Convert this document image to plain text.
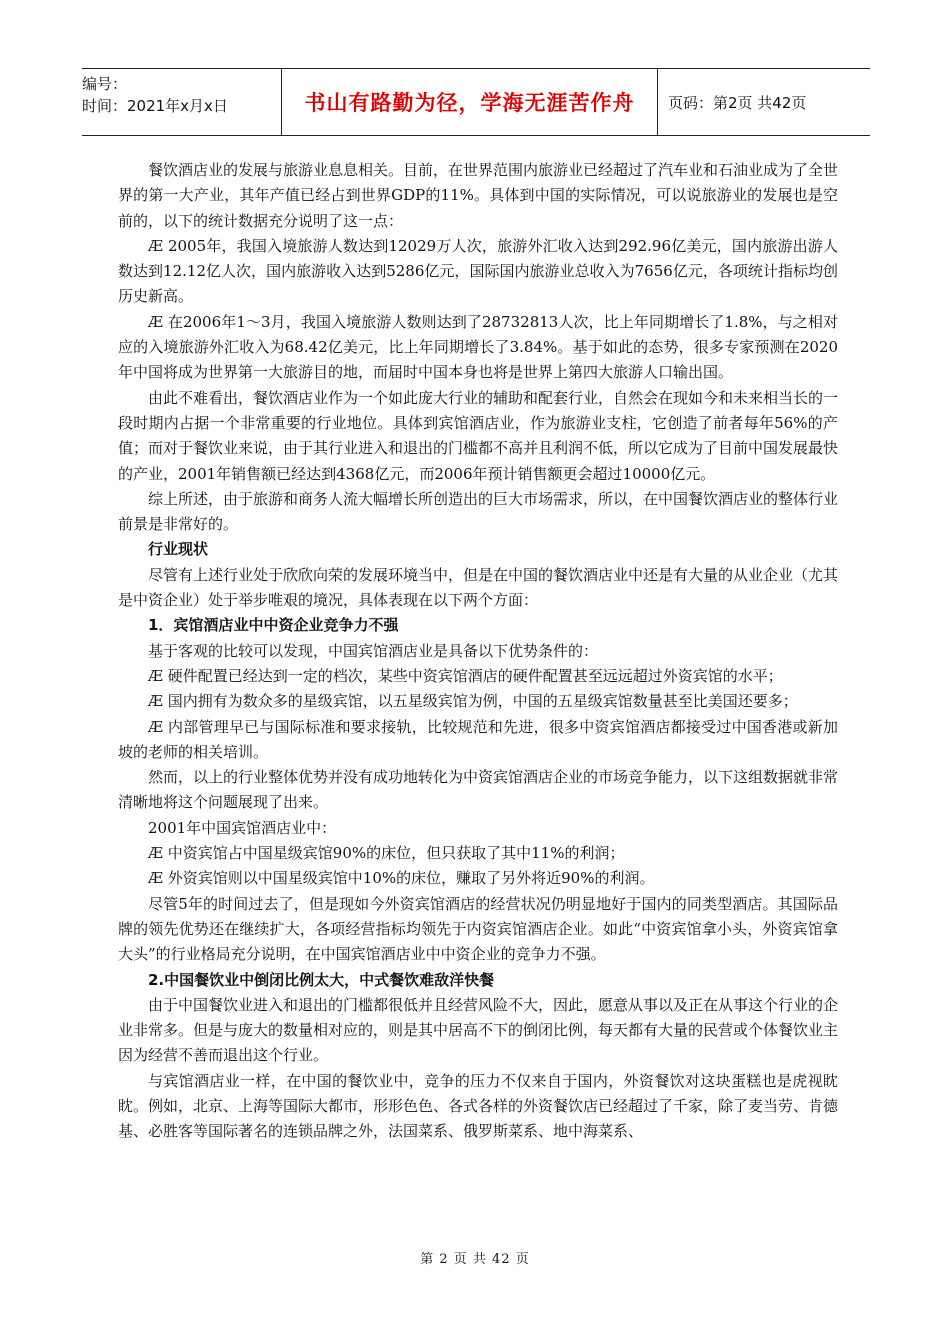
编号：
时间：2021年x月x日	书山有路勤为径，学海无涯苦作舟 页码：第2页 共42页

餐饮酒店业的发展与旅游业息息相关。目前，在世界范围内旅游业已经超过了汽车业和石油业成为了全世界的第一大产业，其年产值已经占到世界GDP的11%。具体到中国的实际情况，可以说旅游业的发展也是空前的，以下的统计数据充分说明了这一点：

Æ 2005年，我国入境旅游人数达到12029万人次，旅游外汇收入达到292.96亿美元，国内旅游出游人数达到12.12亿人次，国内旅游收入达到5286亿元，国际国内旅游业总收入为7656亿元，各项统计指标均创历史新高。

Æ 在2006年1～3月，我国入境旅游人数则达到了28732813人次，比上年同期增长了1.8%，与之相对应的入境旅游外汇收入为68.42亿美元，比上年同期增长了3.84%。基于如此的态势，很多专家预测在2020年中国将成为世界第一大旅游目的地，而届时中国本身也将是世界上第四大旅游人口输出国。

由此不难看出，餐饮酒店业作为一个如此庞大行业的辅助和配套行业，自然会在现如今和未来相当长的一段时期内占据一个非常重要的行业地位。具体到宾馆酒店业，作为旅游业支柱，它创造了前者每年56%的产值；而对于餐饮业来说，由于其行业进入和退出的门槛都不高并且利润不低，所以它成为了目前中国发展最快的产业，2001年销售额已经达到4368亿元，而2006年预计销售额更会超过10000亿元。

综上所述，由于旅游和商务人流大幅增长所创造出的巨大市场需求，所以，在中国餐饮酒店业的整体行业前景是非常好的。

行业现状

尽管有上述行业处于欣欣向荣的发展环境当中，但是在中国的餐饮酒店业中还是有大量的从业企业（尤其是中资企业）处于举步唯艰的境况，具体表现在以下两个方面：

1．宾馆酒店业中中资企业竞争力不强

基于客观的比较可以发现，中国宾馆酒店业是具备以下优势条件的：

Æ 硬件配置已经达到一定的档次，某些中资宾馆酒店的硬件配置甚至远远超过外资宾馆的水平；

Æ 国内拥有为数众多的星级宾馆，以五星级宾馆为例，中国的五星级宾馆数量甚至比美国还要多；

Æ 内部管理早已与国际标准和要求接轨，比较规范和先进，很多中资宾馆酒店都接受过中国香港或新加坡的老师的相关培训。

然而，以上的行业整体优势并没有成功地转化为中资宾馆酒店企业的市场竞争能力，以下这组数据就非常清晰地将这个问题展现了出来。

2001年中国宾馆酒店业中：

Æ 中资宾馆占中国星级宾馆90%的床位，但只获取了其中11%的利润；

Æ 外资宾馆则以中国星级宾馆中10%的床位，赚取了另外将近90%的利润。

尽管5年的时间过去了，但是现如今外资宾馆酒店的经营状况仍明显地好于国内的同类型酒店。其国际品牌的领先优势还在继续扩大，各项经营指标均领先于内资宾馆酒店企业。如此“中资宾馆拿小头，外资宾馆拿大头”的行业格局充分说明，在中国宾馆酒店业中中资企业的竞争力不强。

2.中国餐饮业中倒闭比例太大，中式餐饮难敌洋快餐

由于中国餐饮业进入和退出的门槛都很低并且经营风险不大，因此，愿意从事以及正在从事这个行业的企业非常多。但是与庞大的数量相对应的，则是其中居高不下的倒闭比例，每天都有大量的民营或个体餐饮业主因为经营不善而退出这个行业。

与宾馆酒店业一样，在中国的餐饮业中，竞争的压力不仅来自于国内，外资餐饮对这块蛋糕也是虎视眈眈。例如，北京、上海等国际大都市，形形色色、各式各样的外资餐饮店已经超过了千家，除了麦当劳、肯德基、必胜客等国际著名的连锁品牌之外，法国菜系、俄罗斯菜系、地中海菜系、

第 2 页 共 42 页
